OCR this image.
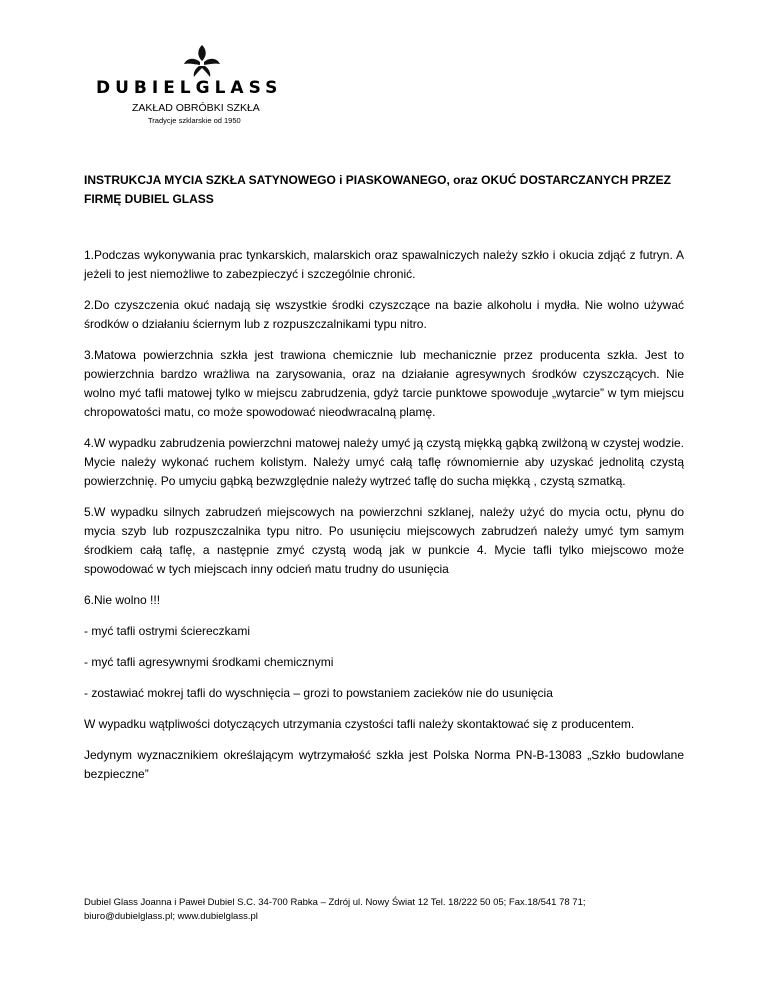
DUBIELGLASS
ZAKŁAD OBRÓBKI SZKŁA
Tradycje szklarskie od 1950
INSTRUKCJA MYCIA SZKŁA SATYNOWEGO i PIASKOWANEGO, oraz OKUĆ DOSTARCZANYCH PRZEZ FIRMĘ DUBIEL GLASS

1.Podczas wykonywania prac tynkarskich, malarskich oraz spawalniczych należy szkło i okucia zdjąć z futryn. A jeżeli to jest niemożliwe to zabezpieczyć i szczególnie chronić.

2.Do czyszczenia okuć nadają się wszystkie środki czyszczące na bazie alkoholu i mydła. Nie wolno używać środków o działaniu ściernym lub z rozpuszczalnikami typu nitro.

3.Matowa powierzchnia szkła jest trawiona chemicznie lub mechanicznie przez producenta szkła. Jest to powierzchnia bardzo wrażliwa na zarysowania, oraz na działanie agresywnych środków czyszczących. Nie wolno myć tafli matowej tylko w miejscu zabrudzenia, gdyż tarcie punktowe spowoduje „wytarcie” w tym miejscu chropowatości matu, co może spowodować nieodwracalną plamę.

4.W wypadku zabrudzenia powierzchni matowej należy umyć ją czystą miękką gąbką zwilżoną w czystej wodzie. Mycie należy wykonać ruchem kolistym. Należy umyć całą taflę równomiernie aby uzyskać jednolitą czystą powierzchnię. Po umyciu gąbką bezwzględnie należy wytrzeć taflę do sucha miękką , czystą szmatką.

5.W wypadku silnych zabrudzeń miejscowych na powierzchni szklanej, należy użyć do mycia octu, płynu do mycia szyb lub rozpuszczalnika typu nitro. Po usunięciu miejscowych zabrudzeń należy umyć tym samym środkiem całą taflę, a następnie zmyć czystą wodą jak w punkcie 4. Mycie tafli tylko miejscowo może spowodować w tych miejscach inny odcień matu trudny do usunięcia

6.Nie wolno !!!

- myć tafli ostrymi ściereczkami

- myć tafli agresywnymi środkami chemicznymi

- zostawiać mokrej tafli do wyschnięcia – grozi to powstaniem zacieków nie do usunięcia

W wypadku wątpliwości dotyczących utrzymania czystości tafli należy skontaktować się z producentem.

Jedynym wyznacznikiem określającym wytrzymałość szkła jest Polska Norma PN-B-13083 „Szkło budowlane bezpieczne”

Dubiel Glass Joanna i Paweł Dubiel S.C. 34-700 Rabka – Zdrój ul. Nowy Świat 12 Tel. 18/222 50 05; Fax.18/541 78 71;
biuro@dubielglass.pl; www.dubielglass.pl
